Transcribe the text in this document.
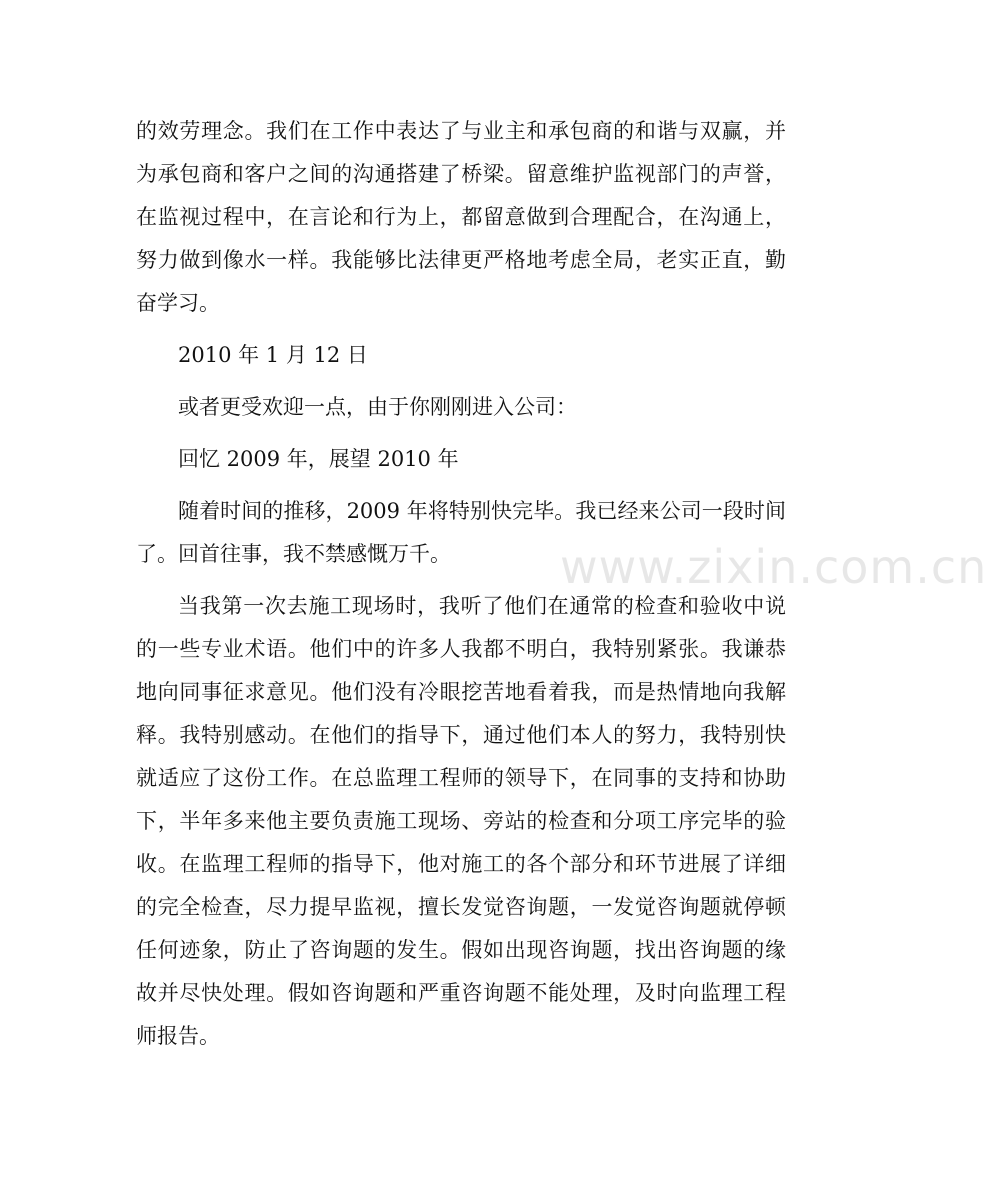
的效劳理念。我们在工作中表达了与业主和承包商的和谐与双赢，并为承包商和客户之间的沟通搭建了桥梁。留意维护监视部门的声誉，在监视过程中，在言论和行为上，都留意做到合理配合，在沟通上，努力做到像水一样。我能够比法律更严格地考虑全局，老实正直，勤奋学习。

2010 年 1 月 12 日

或者更受欢迎一点，由于你刚刚进入公司：

回忆 2009 年，展望 2010 年

随着时间的推移，2009 年将特别快完毕。我已经来公司一段时间了。回首往事，我不禁感慨万千。

当我第一次去施工现场时，我听了他们在通常的检查和验收中说的一些专业术语。他们中的许多人我都不明白，我特别紧张。我谦恭地向同事征求意见。他们没有冷眼挖苦地看着我，而是热情地向我解释。我特别感动。在他们的指导下，通过他们本人的努力，我特别快就适应了这份工作。在总监理工程师的领导下，在同事的支持和协助下，半年多来他主要负责施工现场、旁站的检查和分项工序完毕的验收。在监理工程师的指导下，他对施工的各个部分和环节进展了详细的完全检查，尽力提早监视，擅长发觉咨询题，一发觉咨询题就停顿任何迹象，防止了咨询题的发生。假如出现咨询题，找出咨询题的缘故并尽快处理。假如咨询题和严重咨询题不能处理，及时向监理工程师报告。

www.zixin.com.cn
